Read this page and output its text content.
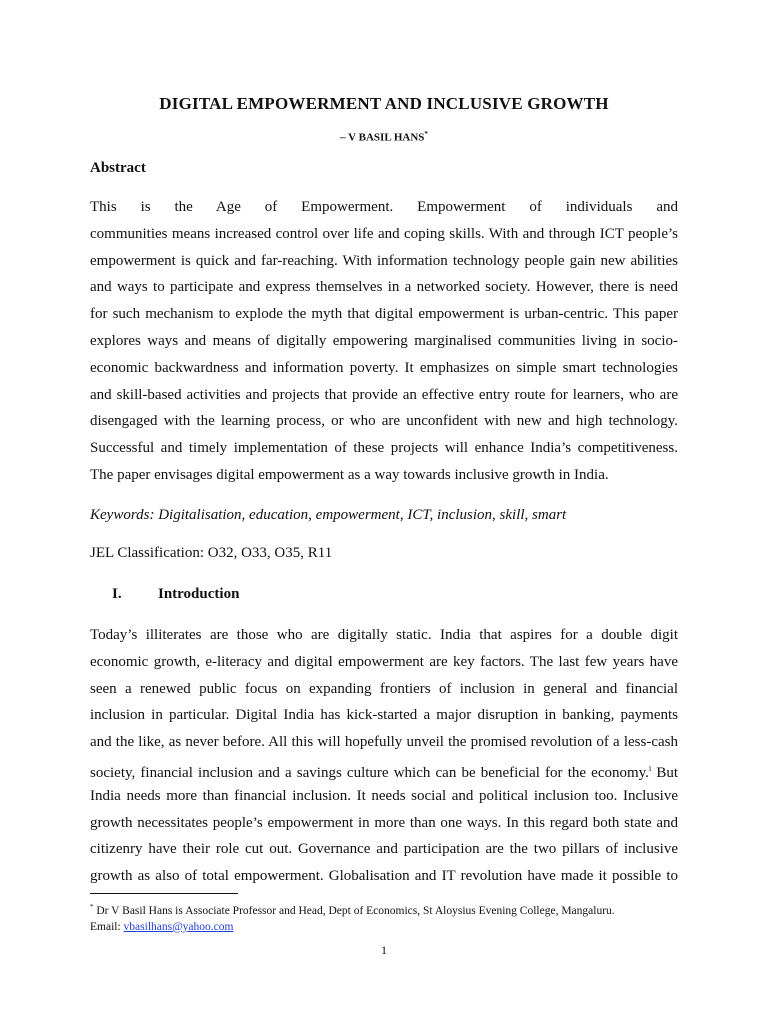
DIGITAL EMPOWERMENT AND INCLUSIVE GROWTH
– V BASIL HANS*
Abstract
This is the Age of Empowerment. Empowerment of individuals and
communities means increased control over life and coping skills. With and through ICT people’s
empowerment is quick and far-reaching. With information technology people gain new abilities
and ways to participate and express themselves in a networked society. However, there is need
for such mechanism to explode the myth that digital empowerment is urban-centric. This paper
explores ways and means of digitally empowering marginalised communities living in socio-
economic backwardness and information poverty. It emphasizes on simple smart technologies
and skill-based activities and projects that provide an effective entry route for learners, who are
disengaged with the learning process, or who are unconfident with new and high technology.
Successful and timely implementation of these projects will enhance India’s competitiveness.
The paper envisages digital empowerment as a way towards inclusive growth in India.
Keywords: Digitalisation, education, empowerment, ICT, inclusion, skill, smart
JEL Classification: O32, O33, O35, R11
I. Introduction
Today’s illiterates are those who are digitally static. India that aspires for a double digit
economic growth, e-literacy and digital empowerment are key factors. The last few years have
seen a renewed public focus on expanding frontiers of inclusion in general and financial
inclusion in particular. Digital India has kick-started a major disruption in banking, payments
and the like, as never before. All this will hopefully unveil the promised revolution of a less-cash
society, financial inclusion and a savings culture which can be beneficial for the economy.$^i$ But
India needs more than financial inclusion. It needs social and political inclusion too. Inclusive
growth necessitates people’s empowerment in more than one ways. In this regard both state and
citizenry have their role cut out. Governance and participation are the two pillars of inclusive
growth as also of total empowerment. Globalisation and IT revolution have made it possible to
* Dr V Basil Hans is Associate Professor and Head, Dept of Economics, St Aloysius Evening College, Mangaluru.
Email: vbasilhans@yahoo.com
1
